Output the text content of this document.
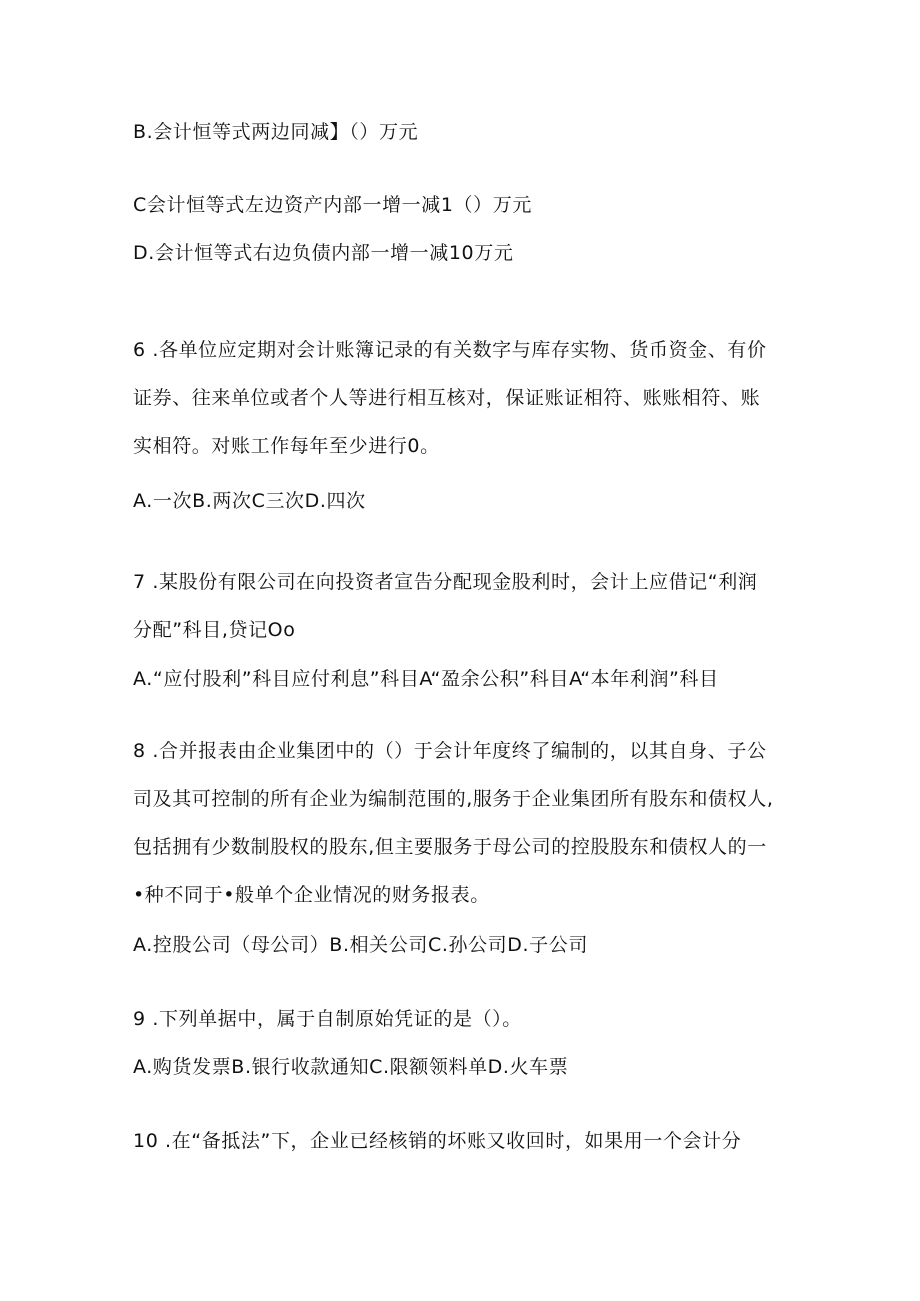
B.会计恒等式两边同减】（）万元
C会计恒等式左边资产内部一增一减1（）万元
D.会计恒等式右边负债内部一增一减10万元
6 .各单位应定期对会计账簿记录的有关数字与库存实物、货币资金、有价
证券、往来单位或者个人等进行相互核对，保证账证相符、账账相符、账
实相符。对账工作每年至少进行0。
A.一次B.两次C三次D.四次
7 .某股份有限公司在向投资者宣告分配现金股利时，会计上应借记“利润
分配”科目,贷记Oo
A.“应付股利”科目应付利息”科目A“盈余公积”科目A“本年利润”科目
8 .合并报表由企业集团中的（）于会计年度终了编制的，以其自身、子公
司及其可控制的所有企业为编制范围的,服务于企业集团所有股东和债权人,
包括拥有少数制股权的股东,但主要服务于母公司的控股股东和债权人的一
•种不同于•般单个企业情况的财务报表。
A.控股公司（母公司）B.相关公司C.孙公司D.子公司
9 .下列单据中，属于自制原始凭证的是（）。
A.购货发票B.银行收款通知C.限额领料单D.火车票
10 .在“备抵法”下，企业已经核销的坏账又收回时，如果用一个会计分
